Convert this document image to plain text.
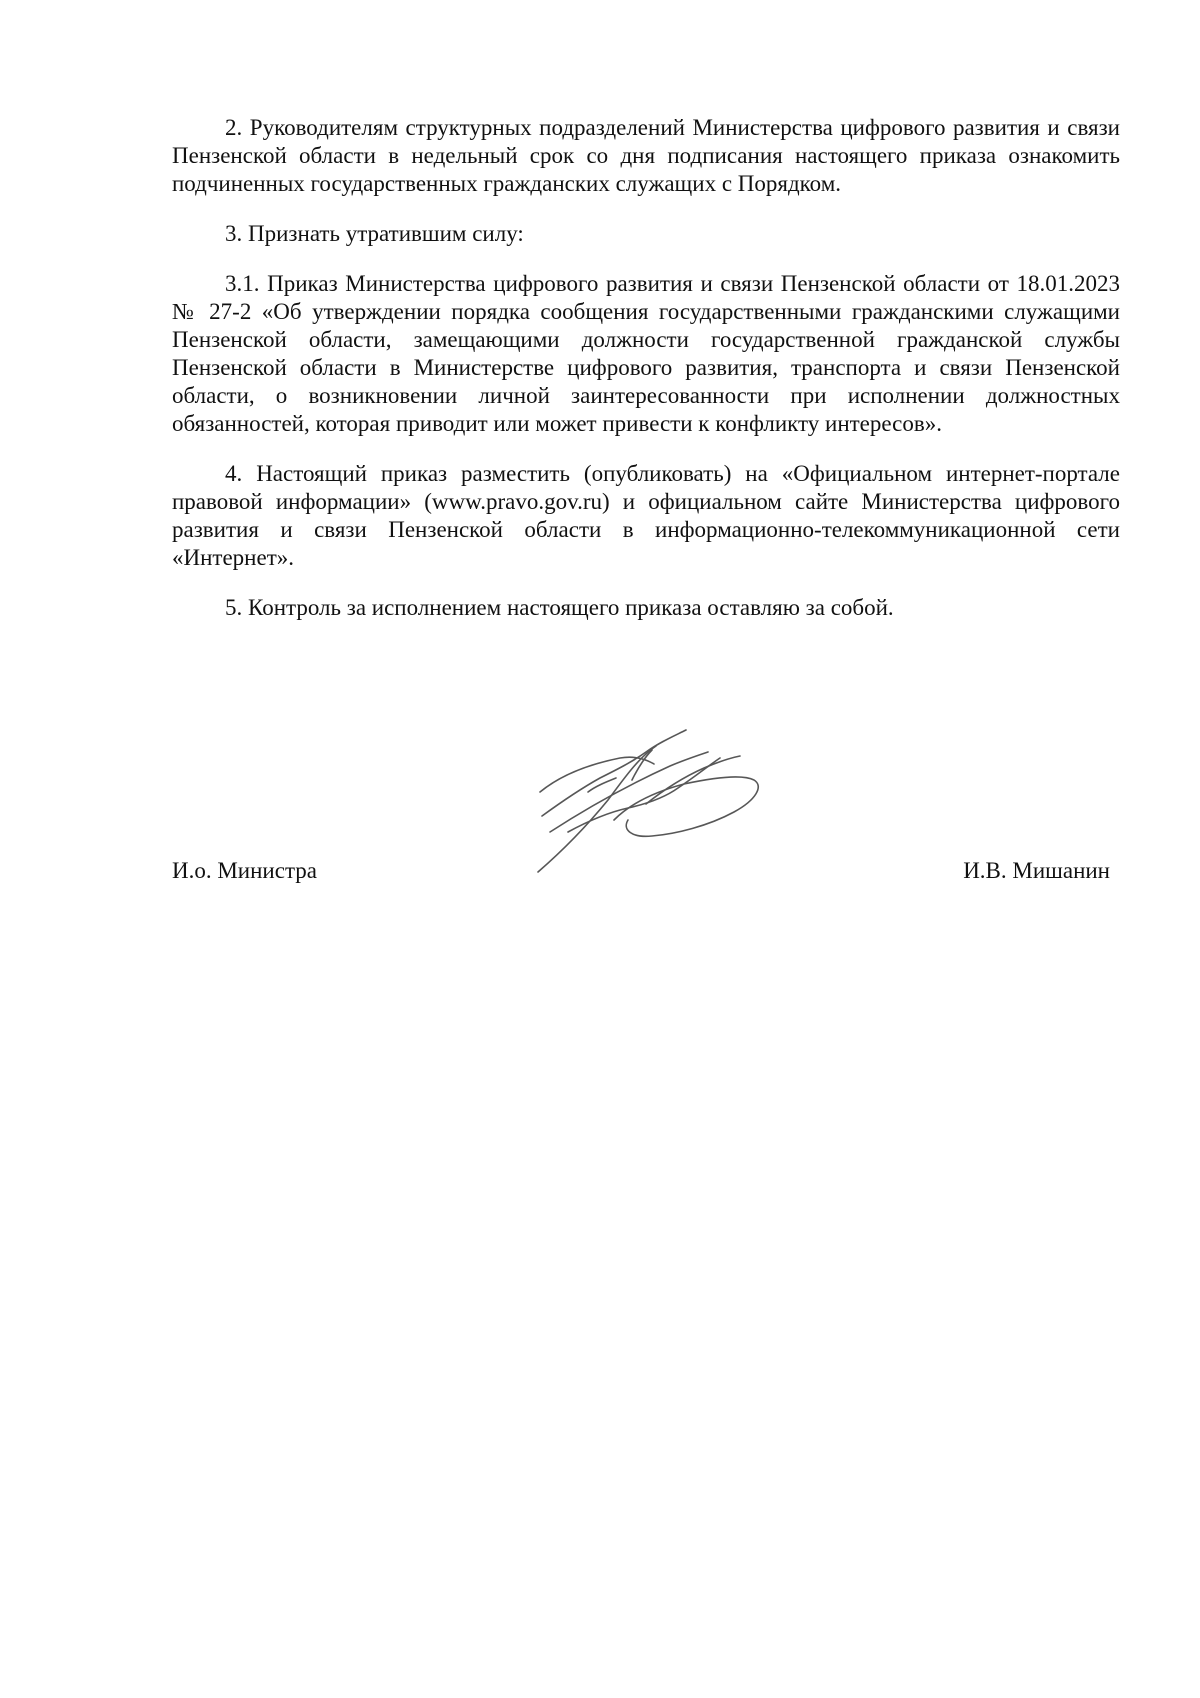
2. Руководителям структурных подразделений Министерства цифрового развития и связи Пензенской области в недельный срок со дня подписания настоящего приказа ознакомить подчиненных государственных гражданских служащих с Порядком.

3. Признать утратившим силу:

3.1. Приказ Министерства цифрового развития и связи Пензенской области от 18.01.2023 № 27-2 «Об утверждении порядка сообщения государственными гражданскими служащими Пензенской области, замещающими должности государственной гражданской службы Пензенской области в Министерстве цифрового развития, транспорта и связи Пензенской области, о возникновении личной заинтересованности при исполнении должностных обязанностей, которая приводит или может привести к конфликту интересов».

4. Настоящий приказ разместить (опубликовать) на «Официальном интернет-портале правовой информации» (www.pravo.gov.ru) и официальном сайте Министерства цифрового развития и связи Пензенской области в информационно-телекоммуникационной сети «Интернет».

5. Контроль за исполнением настоящего приказа оставляю за собой.

И.о. Министра	И.В. Мишанин
